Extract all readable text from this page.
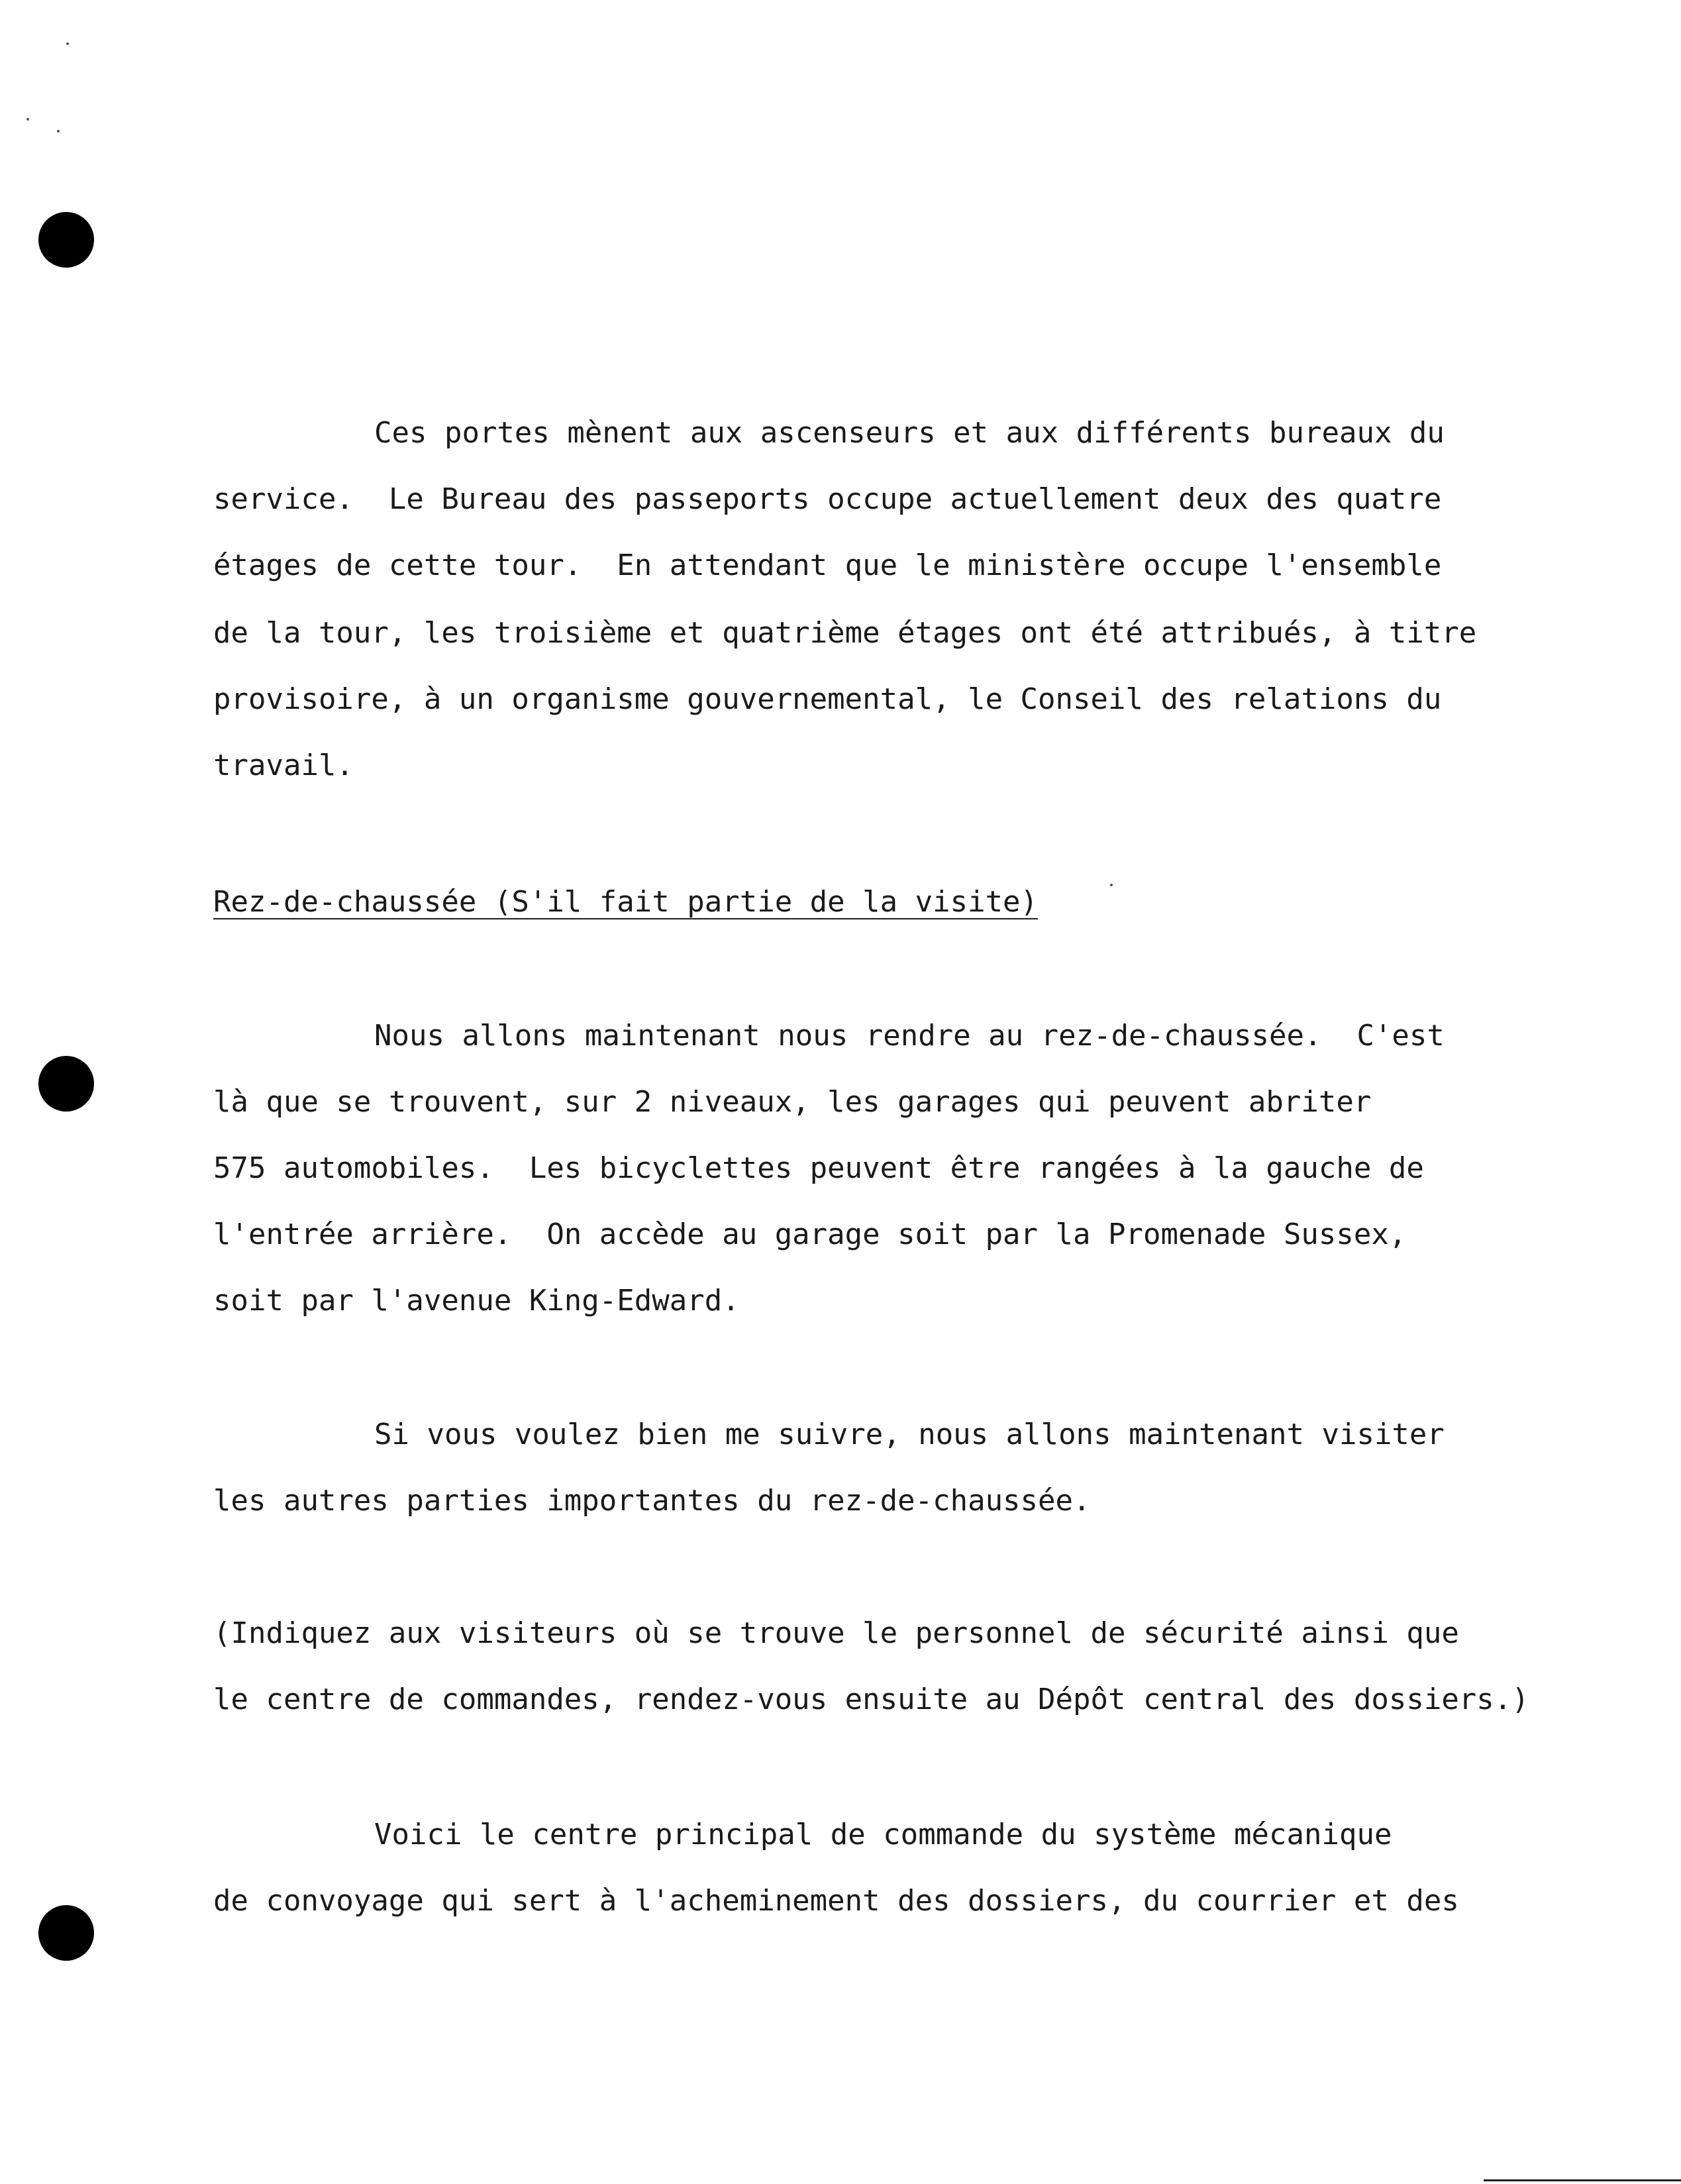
Ces portes mènent aux ascenseurs et aux différents bureaux du
service.  Le Bureau des passeports occupe actuellement deux des quatre
étages de cette tour.  En attendant que le ministère occupe l'ensemble
de la tour, les troisième et quatrième étages ont été attribués, à titre
provisoire, à un organisme gouvernemental, le Conseil des relations du
travail.
Rez-de-chaussée (S'il fait partie de la visite)
Nous allons maintenant nous rendre au rez-de-chaussée.  C'est
là que se trouvent, sur 2 niveaux, les garages qui peuvent abriter
575 automobiles.  Les bicyclettes peuvent être rangées à la gauche de
l'entrée arrière.  On accède au garage soit par la Promenade Sussex,
soit par l'avenue King-Edward.
Si vous voulez bien me suivre, nous allons maintenant visiter
les autres parties importantes du rez-de-chaussée.
(Indiquez aux visiteurs où se trouve le personnel de sécurité ainsi que
le centre de commandes, rendez-vous ensuite au Dépôt central des dossiers.)
Voici le centre principal de commande du système mécanique
de convoyage qui sert à l'acheminement des dossiers, du courrier et des
